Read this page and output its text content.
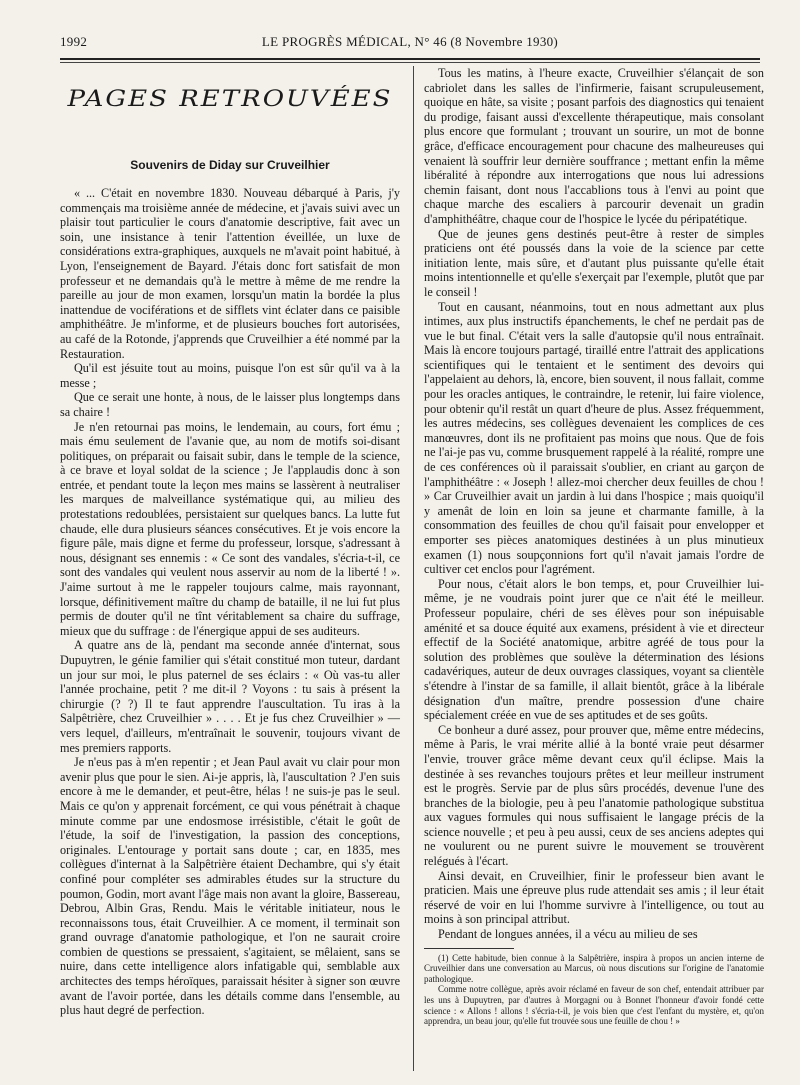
1992	LE PROGRÈS MÉDICAL, N° 46 (8 Novembre 1930)
PAGES RETROUVÉES
Souvenirs de Diday sur Cruveilhier

« ... C'était en novembre 1830. Nouveau débarqué à Paris, j'y commençais ma troisième année de médecine, et j'avais suivi avec un plaisir tout particulier le cours d'anatomie descriptive, fait avec un soin, une insistance à tenir l'attention éveillée, un luxe de considérations extra-graphiques, auxquels ne m'avait point habitué, à Lyon, l'enseignement de Bayard. J'étais donc fort satisfait de mon professeur et ne demandais qu'à le mettre à même de me rendre la pareille au jour de mon examen, lorsqu'un matin la bordée la plus inattendue de vociférations et de sifflets vint éclater dans ce paisible amphithéâtre. Je m'informe, et de plusieurs bouches fort autorisées, au café de la Rotonde, j'apprends que Cruveilhier a été nommé par la Restauration.

Qu'il est jésuite tout au moins, puisque l'on est sûr qu'il va à la messe ;

Que ce serait une honte, à nous, de le laisser plus longtemps dans sa chaire !

Je n'en retournai pas moins, le lendemain, au cours, fort ému ; mais ému seulement de l'avanie que, au nom de motifs soi-disant politiques, on préparait ou faisait subir, dans le temple de la science, à ce brave et loyal soldat de la science ; Je l'applaudis donc à son entrée, et pendant toute la leçon mes mains se lassèrent à neutraliser les marques de malveillance systématique qui, au milieu des protestations redoublées, persistaient sur quelques bancs. La lutte fut chaude, elle dura plusieurs séances consécutives. Et je vois encore la figure pâle, mais digne et ferme du professeur, lorsque, s'adressant à nous, désignant ses ennemis : « Ce sont des vandales, s'écria-t-il, ce sont des vandales qui veulent nous asservir au nom de la liberté ! ». J'aime surtout à me le rappeler toujours calme, mais rayonnant, lorsque, définitivement maître du champ de bataille, il ne lui fut plus permis de douter qu'il ne tînt véritablement sa chaire du suffrage, mieux que du suffrage : de l'énergique appui de ses auditeurs.

A quatre ans de là, pendant ma seconde année d'internat, sous Dupuytren, le génie familier qui s'était constitué mon tuteur, dardant un jour sur moi, le plus paternel de ses éclairs : « Où vas-tu aller l'année prochaine, petit ? me dit-il ? Voyons : tu sais à présent la chirurgie (? ?) Il te faut apprendre l'auscultation. Tu iras à la Salpêtrière, chez Cruveilhier » . . . . Et je fus chez Cruveilhier » — vers lequel, d'ailleurs, m'entraînait le souvenir, toujours vivant de mes premiers rapports.

Je n'eus pas à m'en repentir ; et Jean Paul avait vu clair pour mon avenir plus que pour le sien. Ai-je appris, là, l'auscultation ? J'en suis encore à me le demander, et peut-être, hélas ! ne suis-je pas le seul. Mais ce qu'on y apprenait forcément, ce qui vous pénétrait à chaque minute comme par une endosmose irrésistible, c'était le goût de l'étude, la soif de l'investigation, la passion des conceptions, originales. L'entourage y portait sans doute ; car, en 1835, mes collègues d'internat à la Salpêtrière étaient Dechambre, qui s'y était confiné pour compléter ses admirables études sur la structure du poumon, Godin, mort avant l'âge mais non avant la gloire, Bassereau, Debrou, Albin Gras, Rendu. Mais le véritable initiateur, nous le reconnaissons tous, était Cruveilhier. A ce moment, il terminait son grand ouvrage d'anatomie pathologique, et l'on ne saurait croire combien de questions se pressaient, s'agitaient, se mêlaient, sans se nuire, dans cette intelligence alors infatigable qui, semblable aux architectes des temps héroïques, paraissait hésiter à signer son œuvre avant de l'avoir portée, dans les détails comme dans l'ensemble, au plus haut degré de perfection.

Tous les matins, à l'heure exacte, Cruveilhier s'élançait de son cabriolet dans les salles de l'infirmerie, faisant scrupuleusement, quoique en hâte, sa visite ; posant parfois des diagnostics qui tenaient du prodige, faisant aussi d'excellente thérapeutique, mais consolant plus encore que formulant ; trouvant un sourire, un mot de bonne grâce, d'efficace encouragement pour chacune des malheureuses qui venaient là souffrir leur dernière souffrance ; mettant enfin la même libéralité à répondre aux interrogations que nous lui adressions chemin faisant, dont nous l'accablions tous à l'envi au point que chaque marche des escaliers à parcourir devenait un gradin d'amphithéâtre, chaque cour de l'hospice le lycée du péripatétique.

Que de jeunes gens destinés peut-être à rester de simples praticiens ont été poussés dans la voie de la science par cette initiation lente, mais sûre, et d'autant plus puissante qu'elle était moins intentionnelle et qu'elle s'exerçait par l'exemple, plutôt que par le conseil !

Tout en causant, néanmoins, tout en nous admettant aux plus intimes, aux plus instructifs épanchements, le chef ne perdait pas de vue le but final. C'était vers la salle d'autopsie qu'il nous entraînait. Mais là encore toujours partagé, tiraillé entre l'attrait des applications scientifiques qui le tentaient et le sentiment des devoirs qui l'appelaient au dehors, là, encore, bien souvent, il nous fallait, comme pour les oracles antiques, le contraindre, le retenir, lui faire violence, pour obtenir qu'il restât un quart d'heure de plus. Assez fréquemment, les autres médecins, ses collègues devenaient les complices de ces manœuvres, dont ils ne profitaient pas moins que nous. Que de fois ne l'ai-je pas vu, comme brusquement rappelé à la réalité, rompre une de ces conférences où il paraissait s'oublier, en criant au garçon de l'amphithéâtre : « Joseph ! allez-moi chercher deux feuilles de chou ! » Car Cruveilhier avait un jardin à lui dans l'hospice ; mais quoiqu'il y amenât de loin en loin sa jeune et charmante famille, à la consommation des feuilles de chou qu'il faisait pour envelopper et emporter ses pièces anatomiques destinées à un plus minutieux examen (1) nous soupçonnions fort qu'il n'avait jamais l'ordre de cultiver cet enclos pour l'agrément.

Pour nous, c'était alors le bon temps, et, pour Cruveilhier lui-même, je ne voudrais point jurer que ce n'ait été le meilleur. Professeur populaire, chéri de ses élèves pour son inépuisable aménité et sa douce équité aux examens, président à vie et directeur effectif de la Société anatomique, arbitre agréé de tous pour la solution des problèmes que soulève la détermination des lésions cadavériques, auteur de deux ouvrages classiques, voyant sa clientèle s'étendre à l'instar de sa famille, il allait bientôt, grâce à la libérale désignation d'un maître, prendre possession d'une chaire spécialement créée en vue de ses aptitudes et de ses goûts.

Ce bonheur a duré assez, pour prouver que, même entre médecins, même à Paris, le vrai mérite allié à la bonté vraie peut désarmer l'envie, trouver grâce même devant ceux qu'il éclipse. Mais la destinée à ses revanches toujours prêtes et leur meilleur instrument est le progrès. Servie par de plus sûrs procédés, devenue l'une des branches de la biologie, peu à peu l'anatomie pathologique substitua aux vagues formules qui nous suffisaient le langage précis de la science nouvelle ; et peu à peu aussi, ceux de ses anciens adeptes qui ne voulurent ou ne purent suivre le mouvement se trouvèrent relégués à l'écart.

Ainsi devait, en Cruveilhier, finir le professeur bien avant le praticien. Mais une épreuve plus rude attendait ses amis ; il leur était réservé de voir en lui l'homme survivre à l'intelligence, ou tout au moins à son principal attribut.

Pendant de longues années, il a vécu au milieu de ses

(1) Cette habitude, bien connue à la Salpêtrière, inspira à propos un ancien interne de Cruveilhier dans une conversation au Marcus, où nous discutions sur l'origine de l'anatomie pathologique.

Comme notre collègue, après avoir réclamé en faveur de son chef, entendait attribuer par les uns à Dupuytren, par d'autres à Morgagni ou à Bonnet l'honneur d'avoir fondé cette science : « Allons ! allons ! s'écria-t-il, je vois bien que c'est l'enfant du mystère, et, qu'on apprendra, un beau jour, qu'elle fut trouvée sous une feuille de chou ! »
